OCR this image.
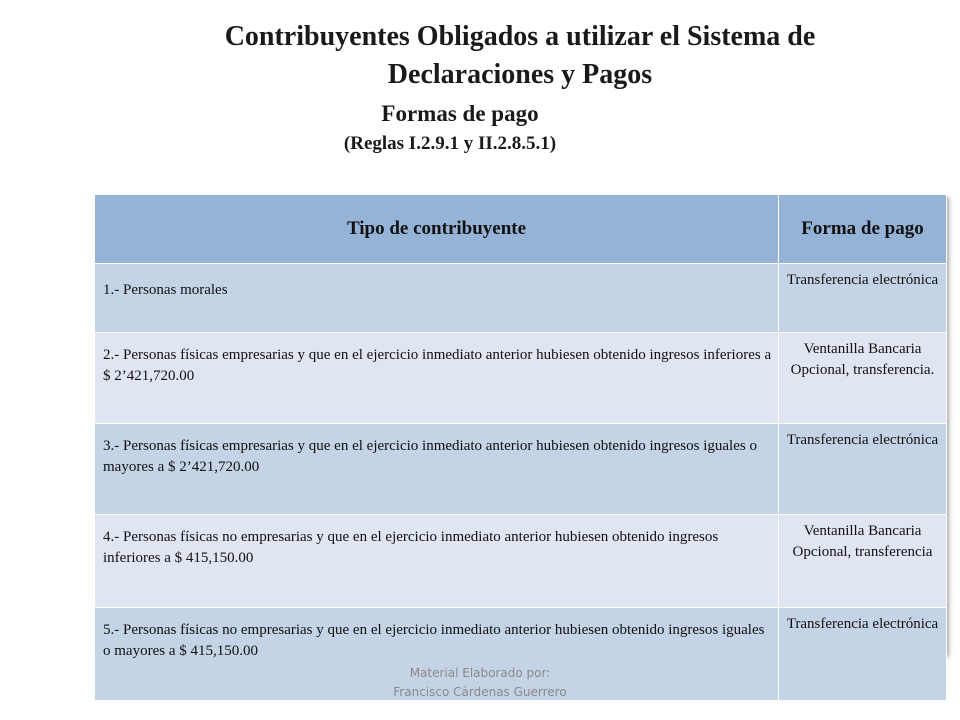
Contribuyentes Obligados a utilizar el Sistema de Declaraciones y Pagos
Formas de pago
(Reglas I.2.9.1 y II.2.8.5.1)
Tipo de contribuyente	Forma de pago
1.- Personas morales	Transferencia electrónica
2.- Personas físicas empresarias y que en el ejercicio inmediato anterior hubiesen obtenido ingresos inferiores a $ 2’421,720.00	Ventanilla Bancaria Opcional, transferencia.
3.- Personas físicas empresarias y que en el ejercicio inmediato anterior hubiesen obtenido ingresos iguales o mayores a $ 2’421,720.00	Transferencia electrónica
4.- Personas físicas no empresarias y que en el ejercicio inmediato anterior hubiesen obtenido ingresos inferiores a $ 415,150.00	Ventanilla Bancaria Opcional, transferencia
5.- Personas físicas no empresarias y que en el ejercicio inmediato anterior hubiesen obtenido ingresos iguales o mayores a $ 415,150.00	Transferencia electrónica
Material Elaborado por:
Francisco Cárdenas Guerrero
